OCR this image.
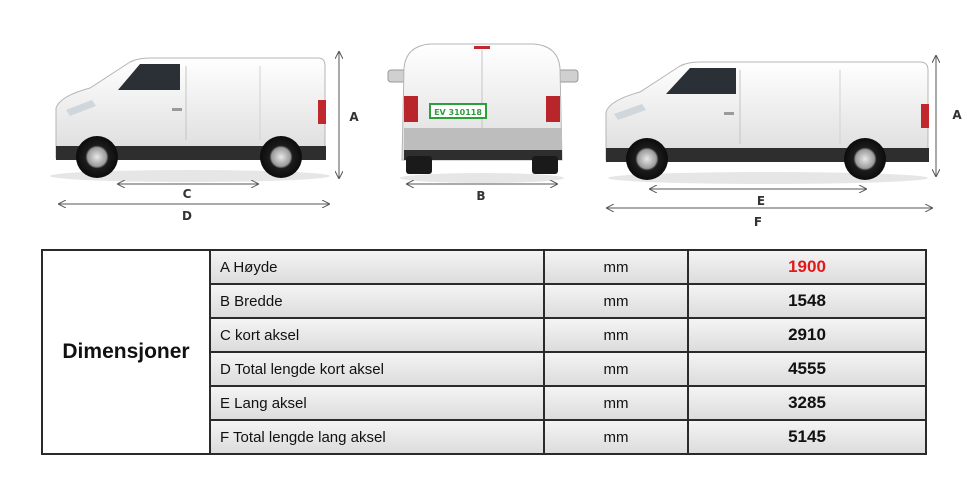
EV 310118
A
C
D
B
A
E
F
Dimensjoner	A Høyde	mm	1900
	B Bredde	mm	1548
	C kort aksel	mm	2910
	D Total lengde kort aksel	mm	4555
	E Lang aksel	mm	3285
	F Total lengde lang aksel	mm	5145
